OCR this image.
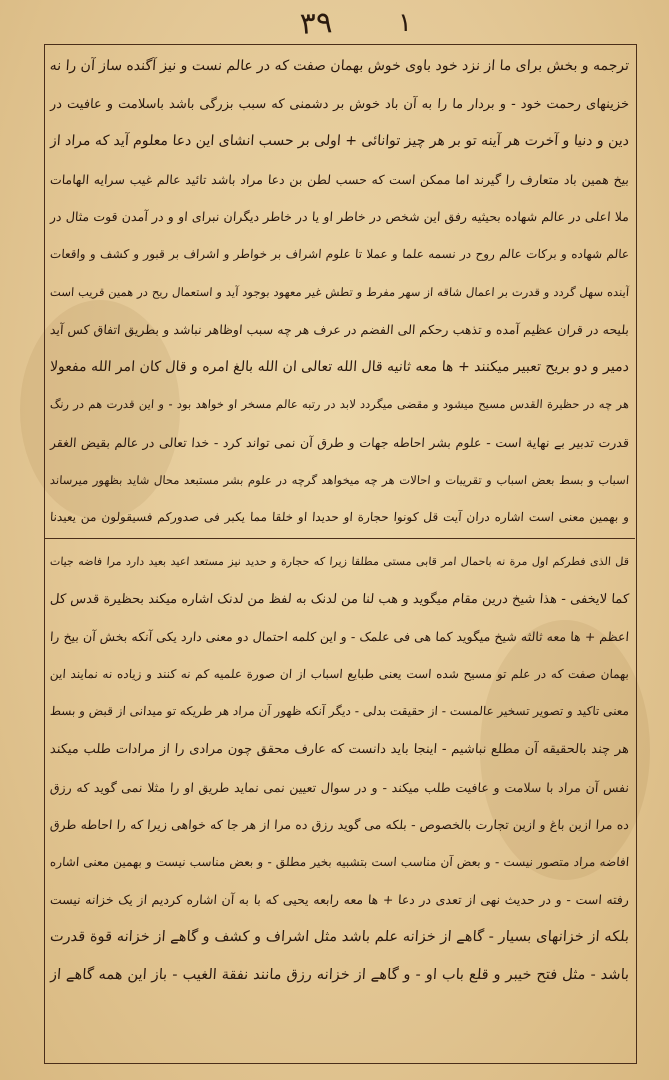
۳۹ ۱
ترجمه و بخش برای ما از نزد خود باوی خوش بهمان صفت که در عالم نست و نیز آگنده ساز آن را نه
خزینهای رحمت خود - و بردار ما را به آن باد خوش بر دشمنی که سبب بزرگی باشد باسلامت و عافیت در
دین و دنیا و آخرت هر آینه تو بر هر چیز توانائی + اولی بر حسب انشای این دعا معلوم آید که مراد از
بیخ همین باد متعارف را گیرند اما ممکن است که حسب لطن بن دعا مراد باشد تائید عالم غیب سرایه الهامات
ملا اعلی در عالم شهاده بحیثیه رفق این شخص در خاطر او یا در خاطر دیگران نبرای او و در آمدن قوت مثال در
عالم شهاده و برکات عالم روح در نسمه علما و عملا تا علوم اشراف بر خواطر و اشراف بر قبور و کشف و واقعات
آینده سهل گردد و قدرت بر اعمال شاقه از سهر مفرط و تطش غیر معهود بوجود آید و استعمال ریح در همین قریب است
بلیحه در قران عظیم آمده و تذهب رحکم الی الفضم در عرف هر چه سبب اوظاهر نباشد و بطریق اتفاق کس آید
دمیر و دو بریح تعبیر میکنند + ها معه ثانیه قال الله تعالی ان الله بالغ امره و قال کان امر الله مفعولا
هر چه در حظیرة القدس مسیح میشود و مقضی میگردد لابد در رتبه عالم مسخر او خواهد بود - و این قدرت هم در رنگ
قدرت تدبیر بے نهایة است - علوم بشر احاطه جهات و طرق آن نمی تواند کرد - خدا تعالی در عالم بقیض الغقر
اسباب و بسط بعض اسباب و تقریبات و احالات هر چه میخواهد گرچه در علوم بشر مستبعد محال شاید بظهور میرساند
و بهمین معنی است اشاره دران آیت قل کونوا حجارة او حدیدا او خلقا مما یکبر فی صدورکم فسیقولون من یعیدنا
قل الذی فطرکم اول مرة نه باحمال امر قابی مستی مطلقا زیرا که حجارة و حدید نیز مستعد اعید بعید دارد مرا فاضه جیات
کما لایخفی - هذا شیخ درین مقام میگوید و هب لنا من لدنک به لفظ من لدنک اشاره میکند بحظیرة قدس کل
اعظم + ها معه ثالثه شیخ میگوید کما هی فی علمک - و این کلمه احتمال دو معنی دارد یکی آنکه بخش آن بیخ را
بهمان صفت که در علم تو مسیح شده است یعنی طبایع اسباب از ان صورة علمیه کم نه کنند و زیاده نه نمایند این
معنی تاکید و تصویر تسخیر عالمست - از حقیقت بدلی - دیگر آنکه ظهور آن مراد هر طریکه تو میدانی از قبض و بسط
هر چند بالحقیقه آن مطلع نباشیم - اینجا باید دانست که عارف محقق چون مرادی را از مرادات طلب میکند
نفس آن مراد با سلامت و عافیت طلب میکند - و در سوال تعیین نمی نماید طریق او را مثلا نمی گوید که رزق
ده مرا ازین باغ و ازین تجارت بالخصوص - بلکه می گوید رزق ده مرا از هر جا که خواهی زیرا که را احاطه طرق
افاضه مراد متصور نیست - و بعض آن مناسب است بتشبیه بخیر مطلق - و بعض مناسب نیست و بهمین معنی اشاره
رفته است - و در حدیث نهی از تعدی در دعا + ها معه رابعه یحیی که با به آن اشاره کردیم از یک خزانه نیست
بلکه از خزانهای بسیار - گاهے از خزانه علم باشد مثل اشراف و کشف و گاهے از خزانه قوة قدرت
باشد - مثل فتح خیبر و قلع باب او - و گاهے از خزانه رزق مانند نفقة الغیب - باز این همه گاهے از
